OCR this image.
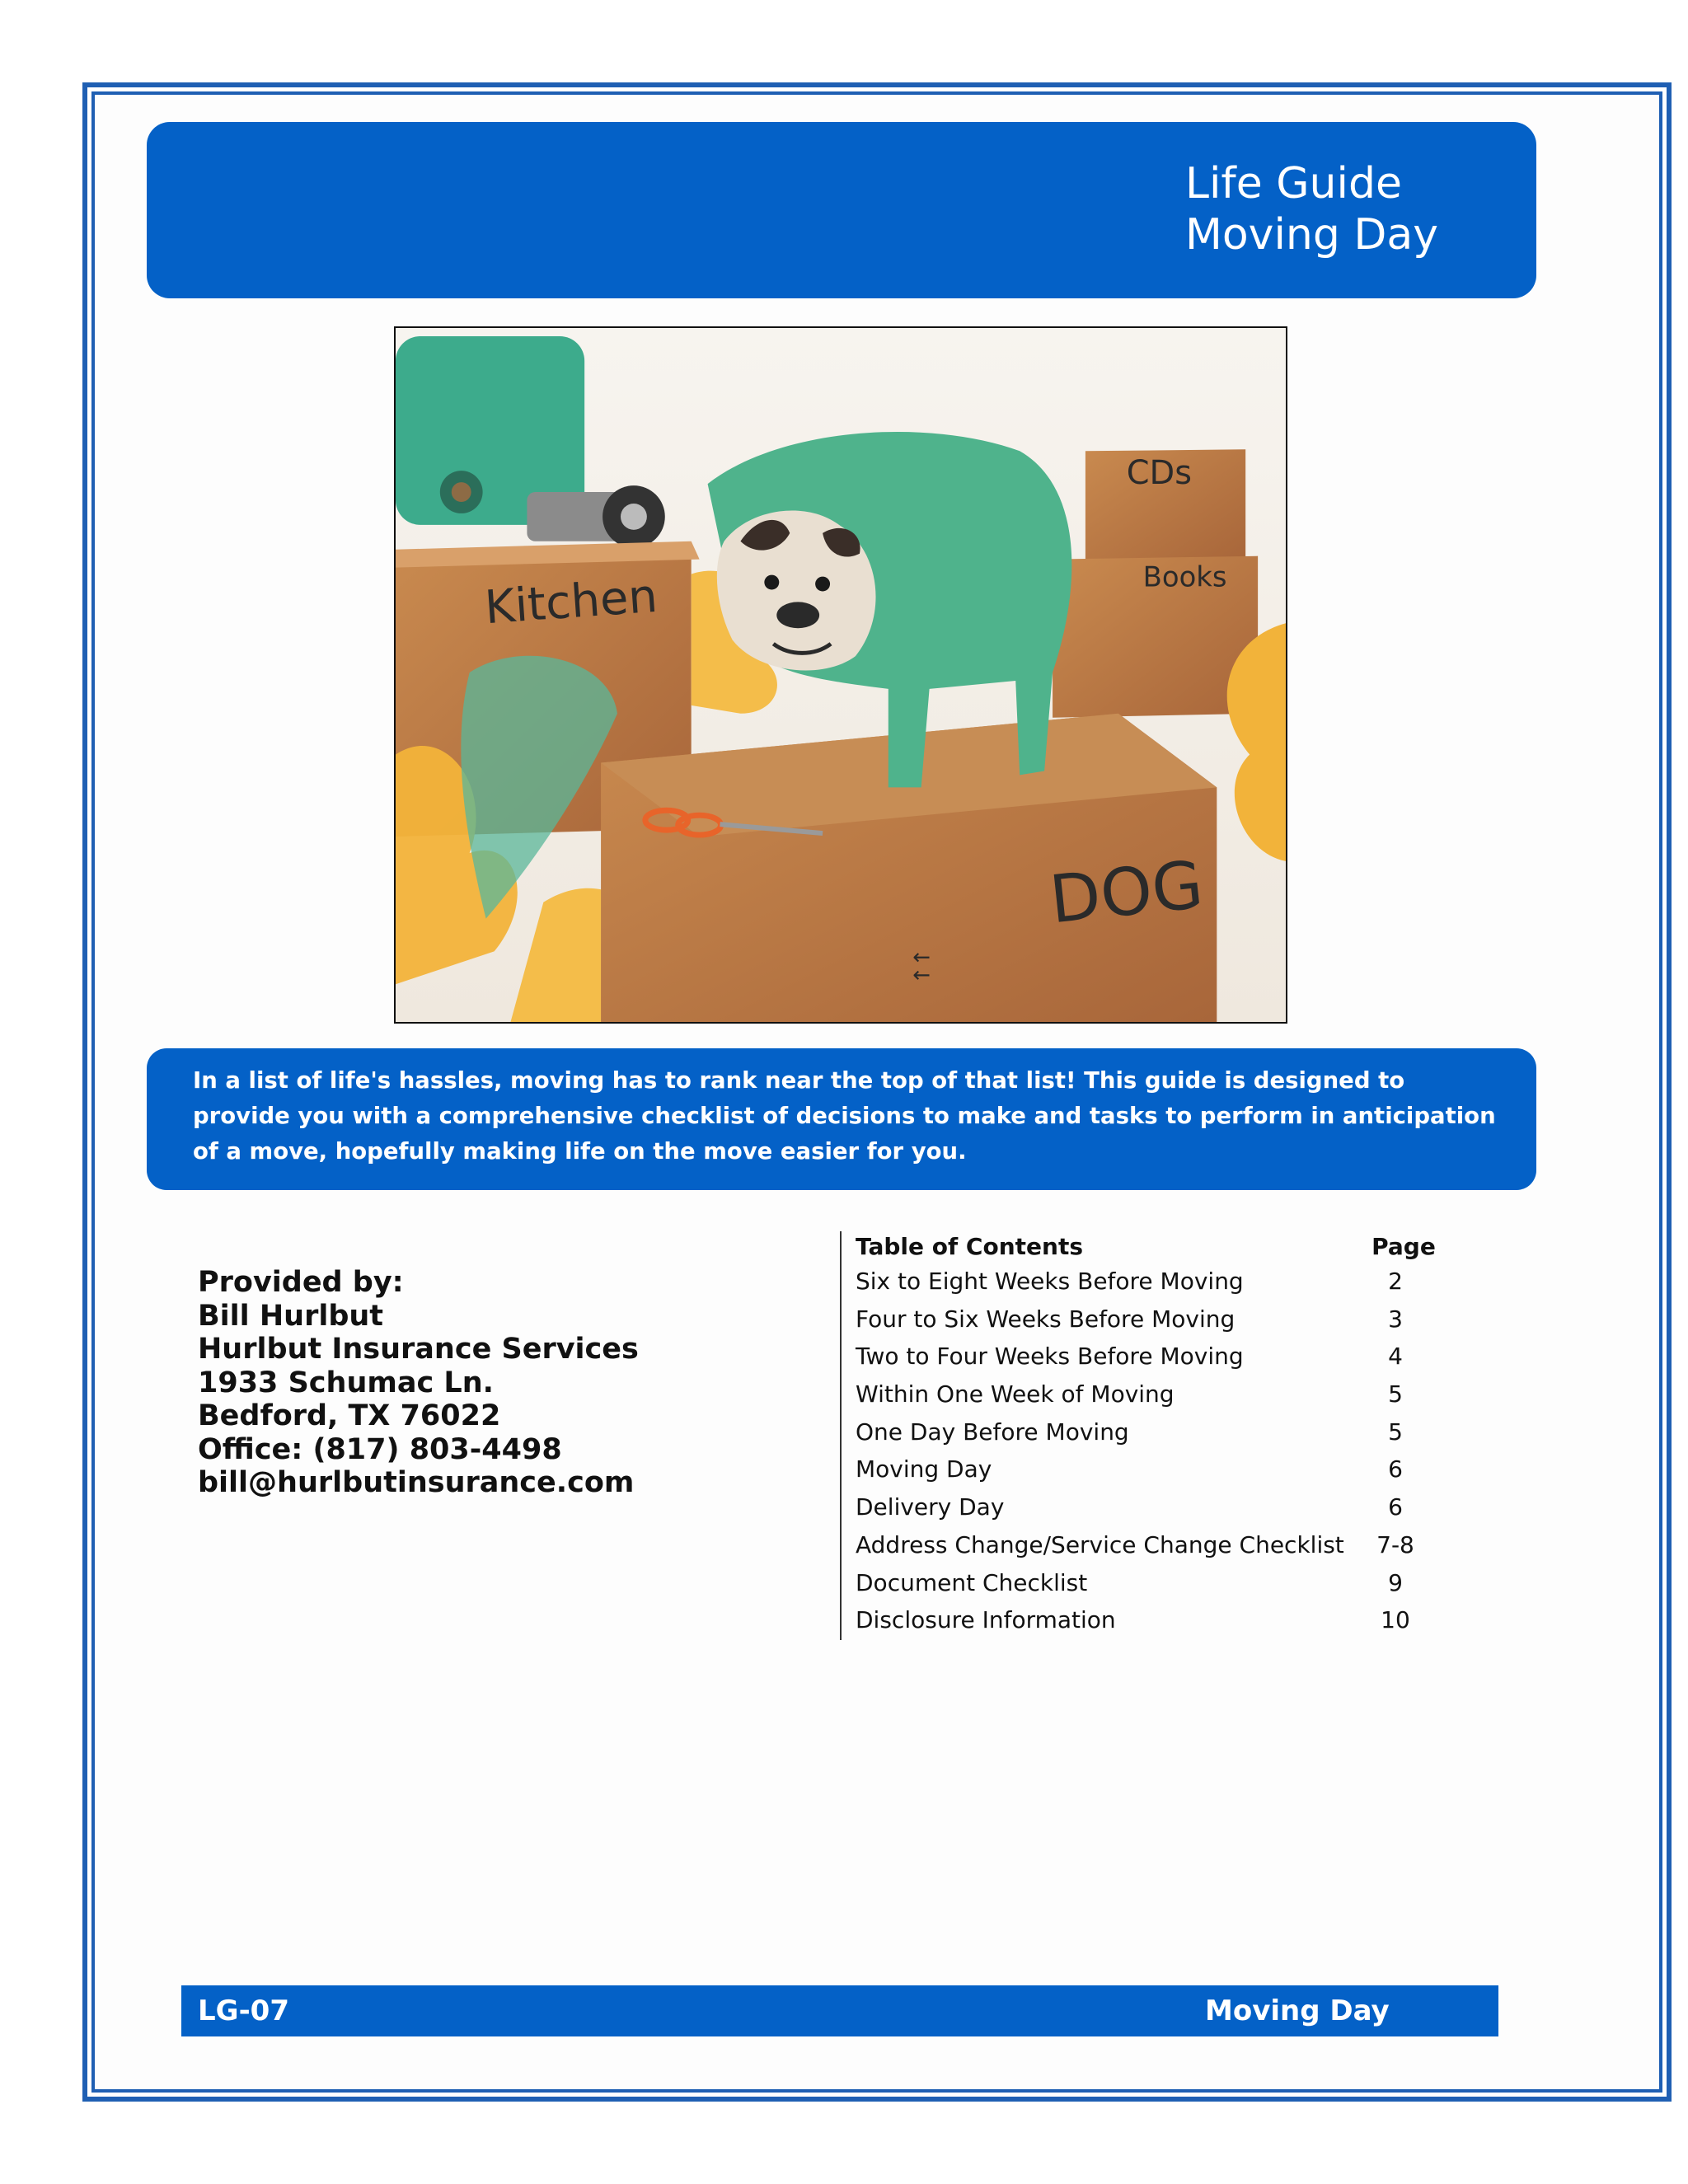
Life Guide
Moving Day
Kitchen
CDs
Books
DOG
↑↑

In a list of life's hassles, moving has to rank near the top of that list! This guide is designed to provide you with a comprehensive checklist of decisions to make and tasks to perform in anticipation of a move, hopefully making life on the move easier for you.

Provided by:
Bill Hurlbut
Hurlbut Insurance Services
1933 Schumac Ln.
Bedford, TX 76022
Office: (817) 803-4498
bill@hurlbutinsurance.com
Table of Contents	Page
Six to Eight Weeks Before Moving	2
Four to Six Weeks Before Moving	3
Two to Four Weeks Before Moving	4
Within One Week of Moving	5
One Day Before Moving	5
Moving Day	6
Delivery Day	6
Address Change/Service Change Checklist	7-8
Document Checklist	9
Disclosure Information	10
LG-07	Moving Day
